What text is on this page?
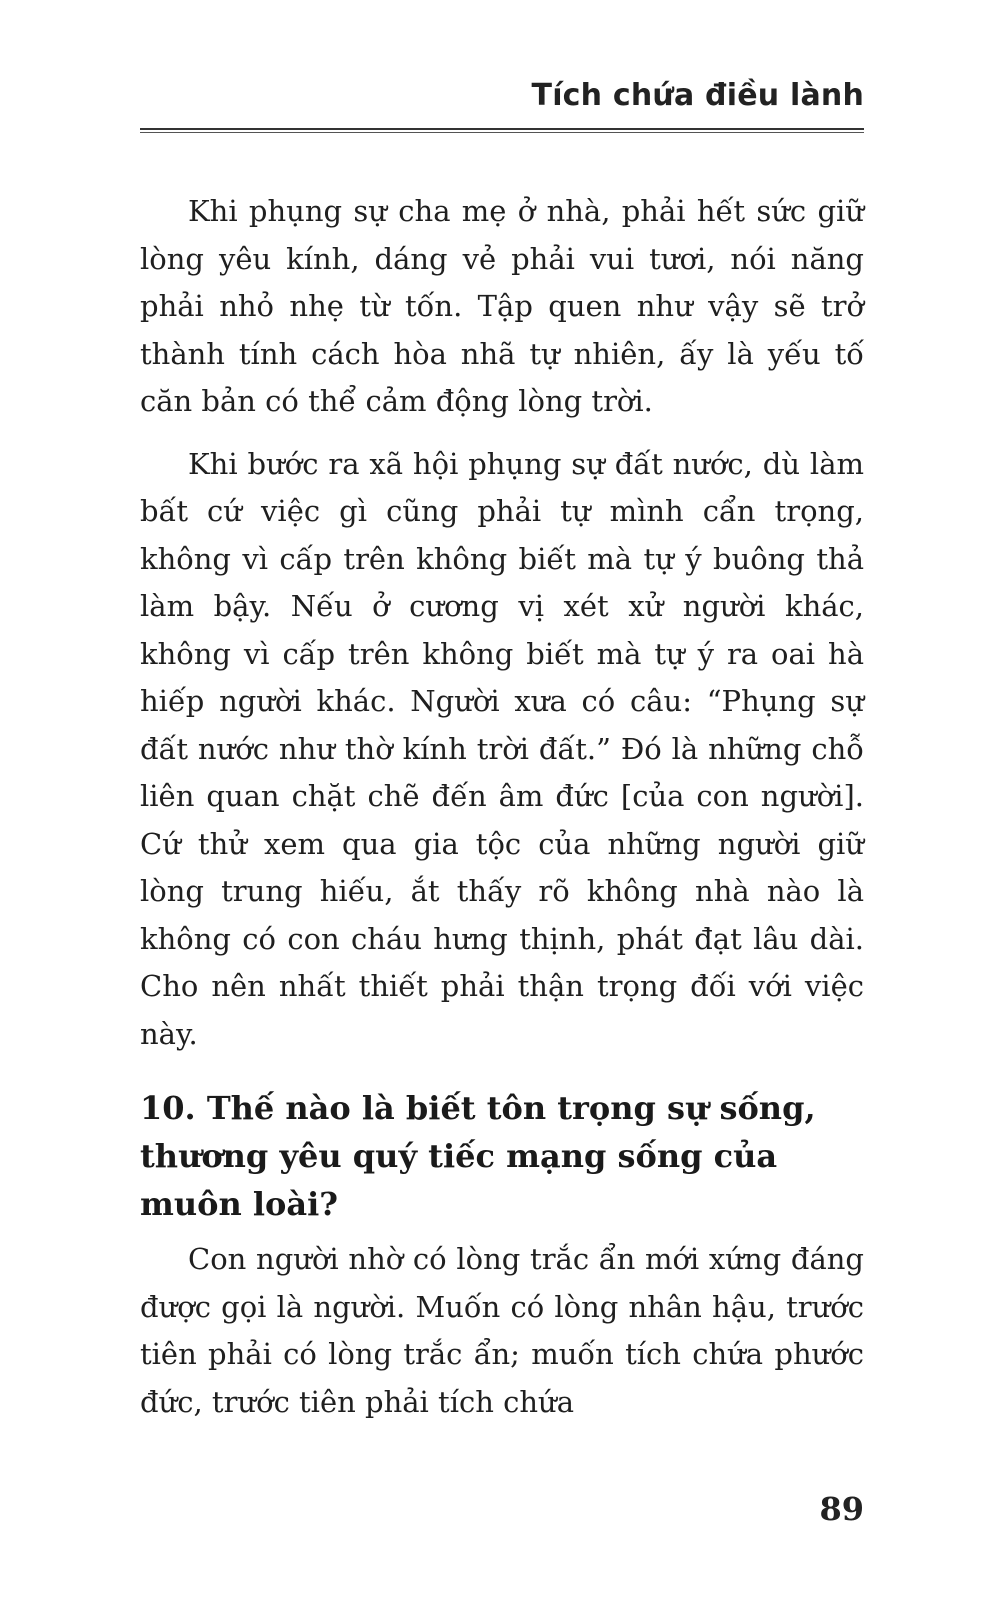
Tích chứa điều lành

Khi phụng sự cha mẹ ở nhà, phải hết sức giữ lòng yêu kính, dáng vẻ phải vui tươi, nói năng phải nhỏ nhẹ từ tốn. Tập quen như vậy sẽ trở thành tính cách hòa nhã tự nhiên, ấy là yếu tố căn bản có thể cảm động lòng trời.

Khi bước ra xã hội phụng sự đất nước, dù làm bất cứ việc gì cũng phải tự mình cẩn trọng, không vì cấp trên không biết mà tự ý buông thả làm bậy. Nếu ở cương vị xét xử người khác, không vì cấp trên không biết mà tự ý ra oai hà hiếp người khác. Người xưa có câu: “Phụng sự đất nước như thờ kính trời đất.” Đó là những chỗ liên quan chặt chẽ đến âm đức [của con người]. Cứ thử xem qua gia tộc của những người giữ lòng trung hiếu, ắt thấy rõ không nhà nào là không có con cháu hưng thịnh, phát đạt lâu dài. Cho nên nhất thiết phải thận trọng đối với việc này.

10. Thế nào là biết tôn trọng sự sống, thương yêu quý tiếc mạng sống của muôn loài?

Con người nhờ có lòng trắc ẩn mới xứng đáng được gọi là người. Muốn có lòng nhân hậu, trước tiên phải có lòng trắc ẩn; muốn tích chứa phước đức, trước tiên phải tích chứa

89
